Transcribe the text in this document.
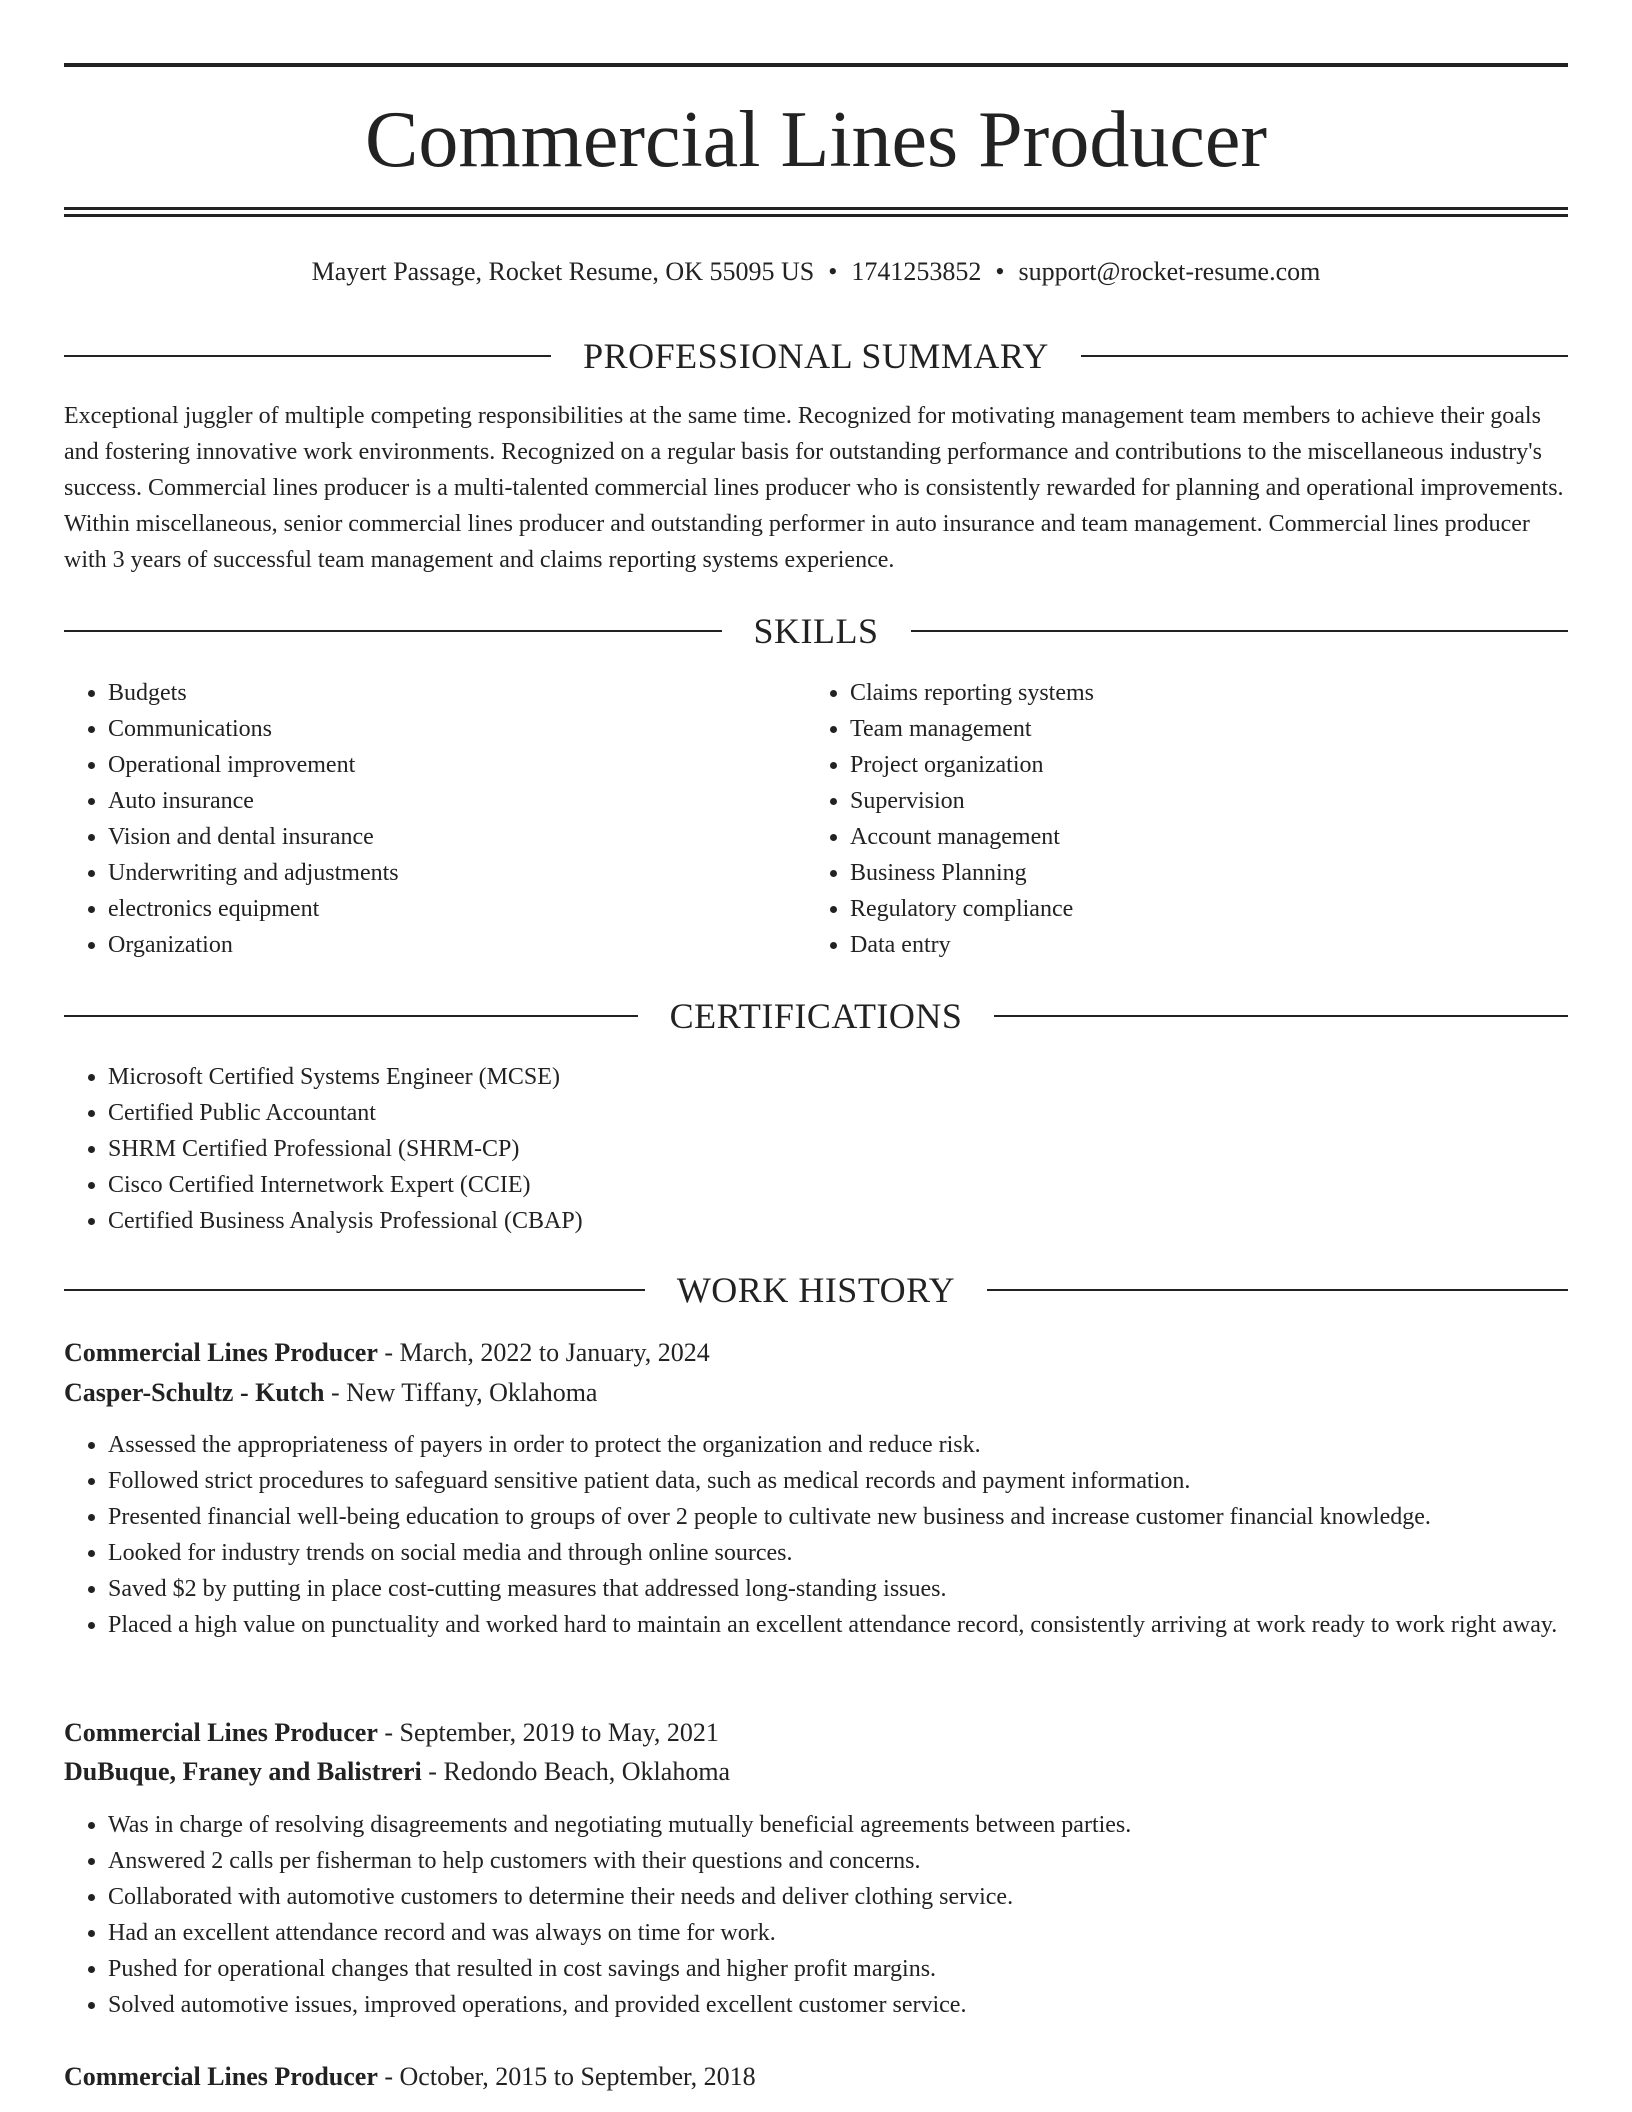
Commercial Lines Producer
Mayert Passage, Rocket Resume, OK 55095 US • 1741253852 • support@rocket-resume.com
PROFESSIONAL SUMMARY

Exceptional juggler of multiple competing responsibilities at the same time. Recognized for motivating management team members to achieve their goals and fostering innovative work environments. Recognized on a regular basis for outstanding performance and contributions to the miscellaneous industry's success. Commercial lines producer is a multi-talented commercial lines producer who is consistently rewarded for planning and operational improvements. Within miscellaneous, senior commercial lines producer and outstanding performer in auto insurance and team management. Commercial lines producer with 3 years of successful team management and claims reporting systems experience.

SKILLS
• Budgets
• Communications
• Operational improvement
• Auto insurance
• Vision and dental insurance
• Underwriting and adjustments
• electronics equipment
• Organization
• Claims reporting systems
• Team management
• Project organization
• Supervision
• Account management
• Business Planning
• Regulatory compliance
• Data entry
CERTIFICATIONS
• Microsoft Certified Systems Engineer (MCSE)
• Certified Public Accountant
• SHRM Certified Professional (SHRM-CP)
• Cisco Certified Internetwork Expert (CCIE)
• Certified Business Analysis Professional (CBAP)
WORK HISTORY
Commercial Lines Producer - March, 2022 to January, 2024
Casper-Schultz - Kutch - New Tiffany, Oklahoma
• Assessed the appropriateness of payers in order to protect the organization and reduce risk.
• Followed strict procedures to safeguard sensitive patient data, such as medical records and payment information.
• Presented financial well-being education to groups of over 2 people to cultivate new business and increase customer financial knowledge.
• Looked for industry trends on social media and through online sources.
• Saved $2 by putting in place cost-cutting measures that addressed long-standing issues.
• Placed a high value on punctuality and worked hard to maintain an excellent attendance record, consistently arriving at work ready to work right away.
Commercial Lines Producer - September, 2019 to May, 2021
DuBuque, Franey and Balistreri - Redondo Beach, Oklahoma
• Was in charge of resolving disagreements and negotiating mutually beneficial agreements between parties.
• Answered 2 calls per fisherman to help customers with their questions and concerns.
• Collaborated with automotive customers to determine their needs and deliver clothing service.
• Had an excellent attendance record and was always on time for work.
• Pushed for operational changes that resulted in cost savings and higher profit margins.
• Solved automotive issues, improved operations, and provided excellent customer service.
Commercial Lines Producer - October, 2015 to September, 2018
